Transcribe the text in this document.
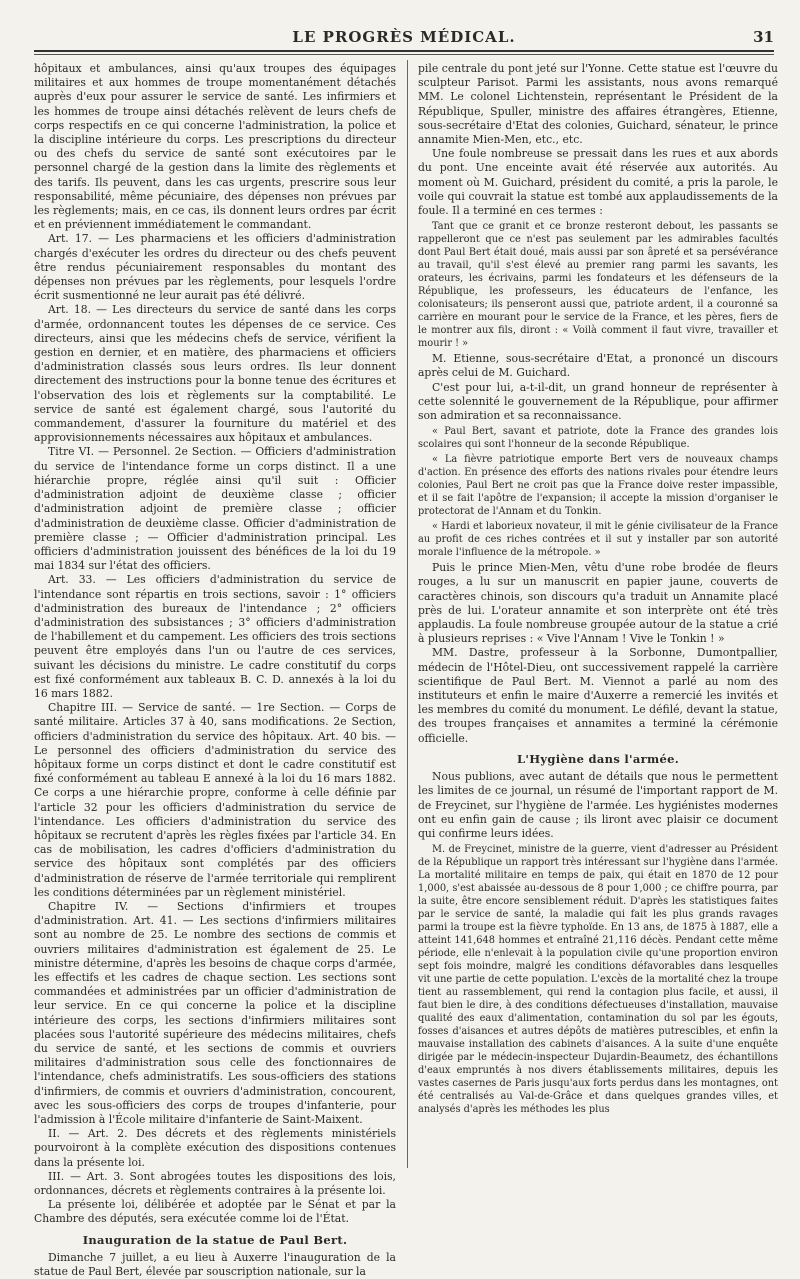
LE PROGRÈS MÉDICAL.	31

hôpitaux et ambulances, ainsi qu'aux troupes des équipages militaires et aux hommes de troupe momentanément détachés auprès d'eux pour assurer le service de santé. Les infirmiers et les hommes de troupe ainsi détachés relèvent de leurs chefs de corps respectifs en ce qui concerne l'administration, la police et la discipline intérieure du corps. Les prescriptions du directeur ou des chefs du service de santé sont exécutoires par le personnel chargé de la gestion dans la limite des règlements et des tarifs. Ils peuvent, dans les cas urgents, prescrire sous leur responsabilité, même pécuniaire, des dépenses non prévues par les règlements; mais, en ce cas, ils donnent leurs ordres par écrit et en préviennent immédiatement le commandant.

Art. 17. — Les pharmaciens et les officiers d'administration chargés d'exécuter les ordres du directeur ou des chefs peuvent être rendus pécuniairement responsables du montant des dépenses non prévues par les règlements, pour lesquels l'ordre écrit susmentionné ne leur aurait pas été délivré.

Art. 18. — Les directeurs du service de santé dans les corps d'armée, ordonnancent toutes les dépenses de ce service. Ces directeurs, ainsi que les médecins chefs de service, vérifient la gestion en dernier, et en matière, des pharmaciens et officiers d'administration classés sous leurs ordres. Ils leur donnent directement des instructions pour la bonne tenue des écritures et l'observation des lois et règlements sur la comptabilité. Le service de santé est également chargé, sous l'autorité du commandement, d'assurer la fourniture du matériel et des approvisionnements nécessaires aux hôpitaux et ambulances.

Titre VI. — Personnel. 2e Section. — Officiers d'administration du service de l'intendance forme un corps distinct. Il a une hiérarchie propre, réglée ainsi qu'il suit : Officier d'administration adjoint de deuxième classe ; officier d'administration adjoint de première classe ; officier d'administration de deuxième classe. Officier d'administration de première classe ; — Officier d'administration principal. Les officiers d'administration jouissent des bénéfices de la loi du 19 mai 1834 sur l'état des officiers.

Art. 33. — Les officiers d'administration du service de l'intendance sont répartis en trois sections, savoir : 1° officiers d'administration des bureaux de l'intendance ; 2° officiers d'administration des subsistances ; 3° officiers d'administration de l'habillement et du campement. Les officiers des trois sections peuvent être employés dans l'un ou l'autre de ces services, suivant les décisions du ministre. Le cadre constitutif du corps est fixé conformément aux tableaux B. C. D. annexés à la loi du 16 mars 1882.

Chapitre III. — Service de santé. — 1re Section. — Corps de santé militaire. Articles 37 à 40, sans modifications. 2e Section, officiers d'administration du service des hôpitaux. Art. 40 bis. — Le personnel des officiers d'administration du service des hôpitaux forme un corps distinct et dont le cadre constitutif est fixé conformément au tableau E annexé à la loi du 16 mars 1882. Ce corps a une hiérarchie propre, conforme à celle définie par l'article 32 pour les officiers d'administration du service de l'intendance. Les officiers d'administration du service des hôpitaux se recrutent d'après les règles fixées par l'article 34. En cas de mobilisation, les cadres d'officiers d'administration du service des hôpitaux sont complétés par des officiers d'administration de réserve de l'armée territoriale qui remplirent les conditions déterminées par un règlement ministériel.

Chapitre IV. — Sections d'infirmiers et troupes d'administration. Art. 41. — Les sections d'infirmiers militaires sont au nombre de 25. Le nombre des sections de commis et ouvriers militaires d'administration est également de 25. Le ministre détermine, d'après les besoins de chaque corps d'armée, les effectifs et les cadres de chaque section. Les sections sont commandées et administrées par un officier d'administration de leur service. En ce qui concerne la police et la discipline intérieure des corps, les sections d'infirmiers militaires sont placées sous l'autorité supérieure des médecins militaires, chefs du service de santé, et les sections de commis et ouvriers militaires d'administration sous celle des fonctionnaires de l'intendance, chefs administratifs. Les sous-officiers des stations d'infirmiers, de commis et ouvriers d'administration, concourent, avec les sous-officiers des corps de troupes d'infanterie, pour l'admission à l'École militaire d'infanterie de Saint-Maixent.

II. — Art. 2. Des décrets et des règlements ministériels pourvoiront à la complète exécution des dispositions contenues dans la présente loi.

III. — Art. 3. Sont abrogées toutes les dispositions des lois, ordonnances, décrets et règlements contraires à la présente loi.

La présente loi, délibérée et adoptée par le Sénat et par la Chambre des députés, sera exécutée comme loi de l'État.

Inauguration de la statue de Paul Bert.

Dimanche 7 juillet, a eu lieu à Auxerre l'inauguration de la statue de Paul Bert, élevée par souscription nationale, sur la

pile centrale du pont jeté sur l'Yonne. Cette statue est l'œuvre du sculpteur Parisot. Parmi les assistants, nous avons remarqué MM. Le colonel Lichtenstein, représentant le Président de la République, Spuller, ministre des affaires étrangères, Etienne, sous-secrétaire d'Etat des colonies, Guichard, sénateur, le prince annamite Mien-Men, etc., etc.

Une foule nombreuse se pressait dans les rues et aux abords du pont. Une enceinte avait été réservée aux autorités. Au moment où M. Guichard, président du comité, a pris la parole, le voile qui couvrait la statue est tombé aux applaudissements de la foule. Il a terminé en ces termes :

Tant que ce granit et ce bronze resteront debout, les passants se rappelleront que ce n'est pas seulement par les admirables facultés dont Paul Bert était doué, mais aussi par son âpreté et sa persévérance au travail, qu'il s'est élevé au premier rang parmi les savants, les orateurs, les écrivains, parmi les fondateurs et les défenseurs de la République, les professeurs, les éducateurs de l'enfance, les colonisateurs; ils penseront aussi que, patriote ardent, il a couronné sa carrière en mourant pour le service de la France, et les pères, fiers de le montrer aux fils, diront : « Voilà comment il faut vivre, travailler et mourir ! »

M. Etienne, sous-secrétaire d'Etat, a prononcé un discours après celui de M. Guichard.

C'est pour lui, a-t-il-dit, un grand honneur de représenter à cette solennité le gouvernement de la République, pour affirmer son admiration et sa reconnaissance.

« Paul Bert, savant et patriote, dote la France des grandes lois scolaires qui sont l'honneur de la seconde République.

« La fièvre patriotique emporte Bert vers de nouveaux champs d'action. En présence des efforts des nations rivales pour étendre leurs colonies, Paul Bert ne croit pas que la France doive rester impassible, et il se fait l'apôtre de l'expansion; il accepte la mission d'organiser le protectorat de l'Annam et du Tonkin.

« Hardi et laborieux novateur, il mit le génie civilisateur de la France au profit de ces riches contrées et il sut y installer par son autorité morale l'influence de la métropole. »

Puis le prince Mien-Men, vêtu d'une robe brodée de fleurs rouges, a lu sur un manuscrit en papier jaune, couverts de caractères chinois, son discours qu'a traduit un Annamite placé près de lui. L'orateur annamite et son interprète ont été très applaudis. La foule nombreuse groupée autour de la statue a crié à plusieurs reprises : « Vive l'Annam ! Vive le Tonkin ! »

MM. Dastre, professeur à la Sorbonne, Dumontpallier, médecin de l'Hôtel-Dieu, ont successivement rappelé la carrière scientifique de Paul Bert. M. Viennot a parlé au nom des instituteurs et enfin le maire d'Auxerre a remercié les invités et les membres du comité du monument. Le défilé, devant la statue, des troupes françaises et annamites a terminé la cérémonie officielle.

L'Hygiène dans l'armée.

Nous publions, avec autant de détails que nous le permettent les limites de ce journal, un résumé de l'important rapport de M. de Freycinet, sur l'hygiène de l'armée. Les hygiénistes modernes ont eu enfin gain de cause ; ils liront avec plaisir ce document qui confirme leurs idées.

M. de Freycinet, ministre de la guerre, vient d'adresser au Président de la République un rapport très intéressant sur l'hygiène dans l'armée. La mortalité militaire en temps de paix, qui était en 1870 de 12 pour 1,000, s'est abaissée au-dessous de 8 pour 1,000 ; ce chiffre pourra, par la suite, être encore sensiblement réduit. D'après les statistiques faites par le service de santé, la maladie qui fait les plus grands ravages parmi la troupe est la fièvre typhoïde. En 13 ans, de 1875 à 1887, elle a atteint 141,648 hommes et entraîné 21,116 décès. Pendant cette même période, elle n'enlevait à la population civile qu'une proportion environ sept fois moindre, malgré les conditions défavorables dans lesquelles vit une partie de cette population. L'excès de la mortalité chez la troupe tient au rassemblement, qui rend la contagion plus facile, et aussi, il faut bien le dire, à des conditions défectueuses d'installation, mauvaise qualité des eaux d'alimentation, contamination du sol par les égouts, fosses d'aisances et autres dépôts de matières putrescibles, et enfin la mauvaise installation des cabinets d'aisances. A la suite d'une enquête dirigée par le médecin-inspecteur Dujardin-Beaumetz, des échantillons d'eaux empruntés à nos divers établissements militaires, depuis les vastes casernes de Paris jusqu'aux forts perdus dans les montagnes, ont été centralisés au Val-de-Grâce et dans quelques grandes villes, et analysés d'après les méthodes les plus
